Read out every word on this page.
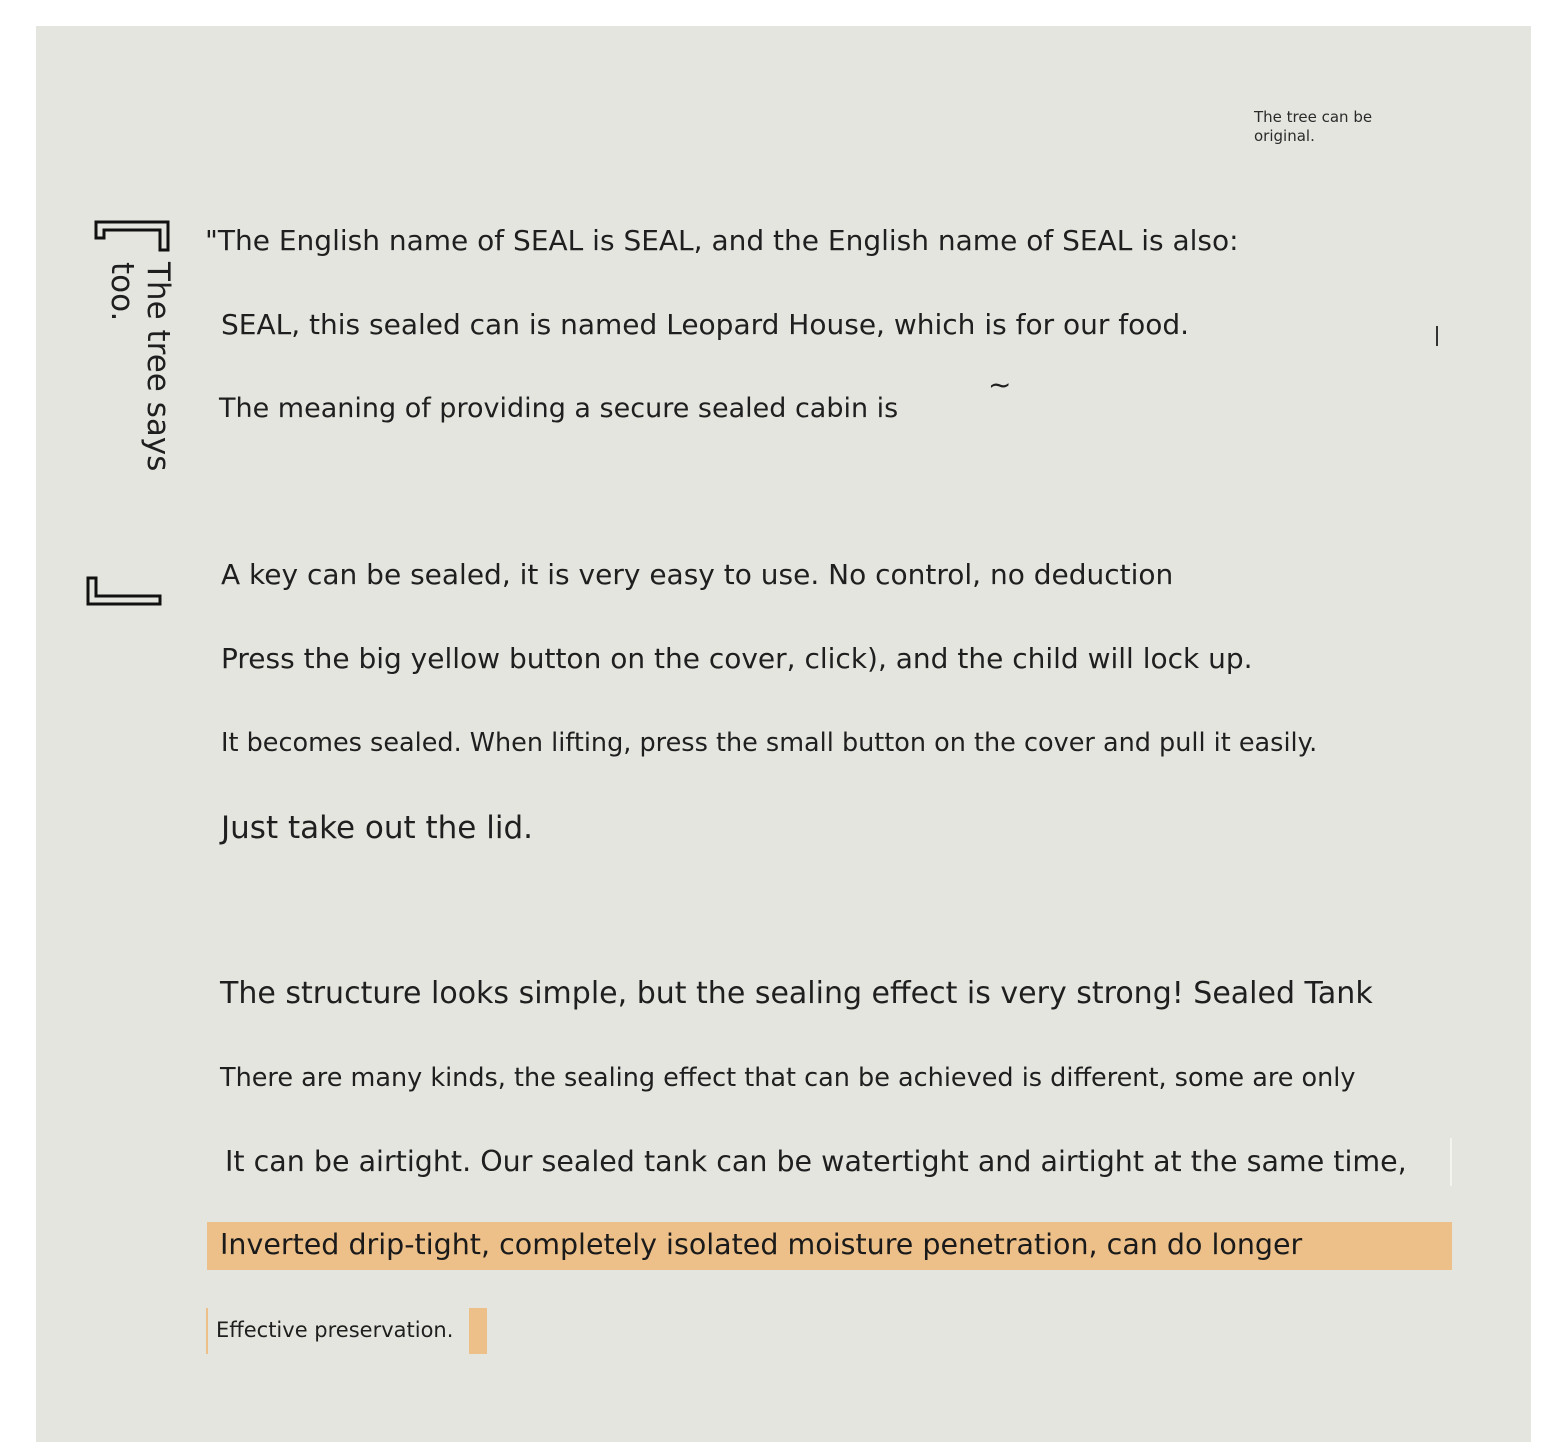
The tree can be original.
The tree says too.
~
"The English name of SEAL is SEAL, and the English name of SEAL is also:
SEAL, this sealed can is named Leopard House, which is for our food.
The meaning of providing a secure sealed cabin is
A key can be sealed, it is very easy to use. No control, no deduction
Press the big yellow button on the cover, click), and the child will lock up.
It becomes sealed. When lifting, press the small button on the cover and pull it easily.
Just take out the lid.
The structure looks simple, but the sealing effect is very strong! Sealed Tank
There are many kinds, the sealing effect that can be achieved is different, some are only
It can be airtight. Our sealed tank can be watertight and airtight at the same time,
Inverted drip-tight, completely isolated moisture penetration, can do longer
Effective preservation.
